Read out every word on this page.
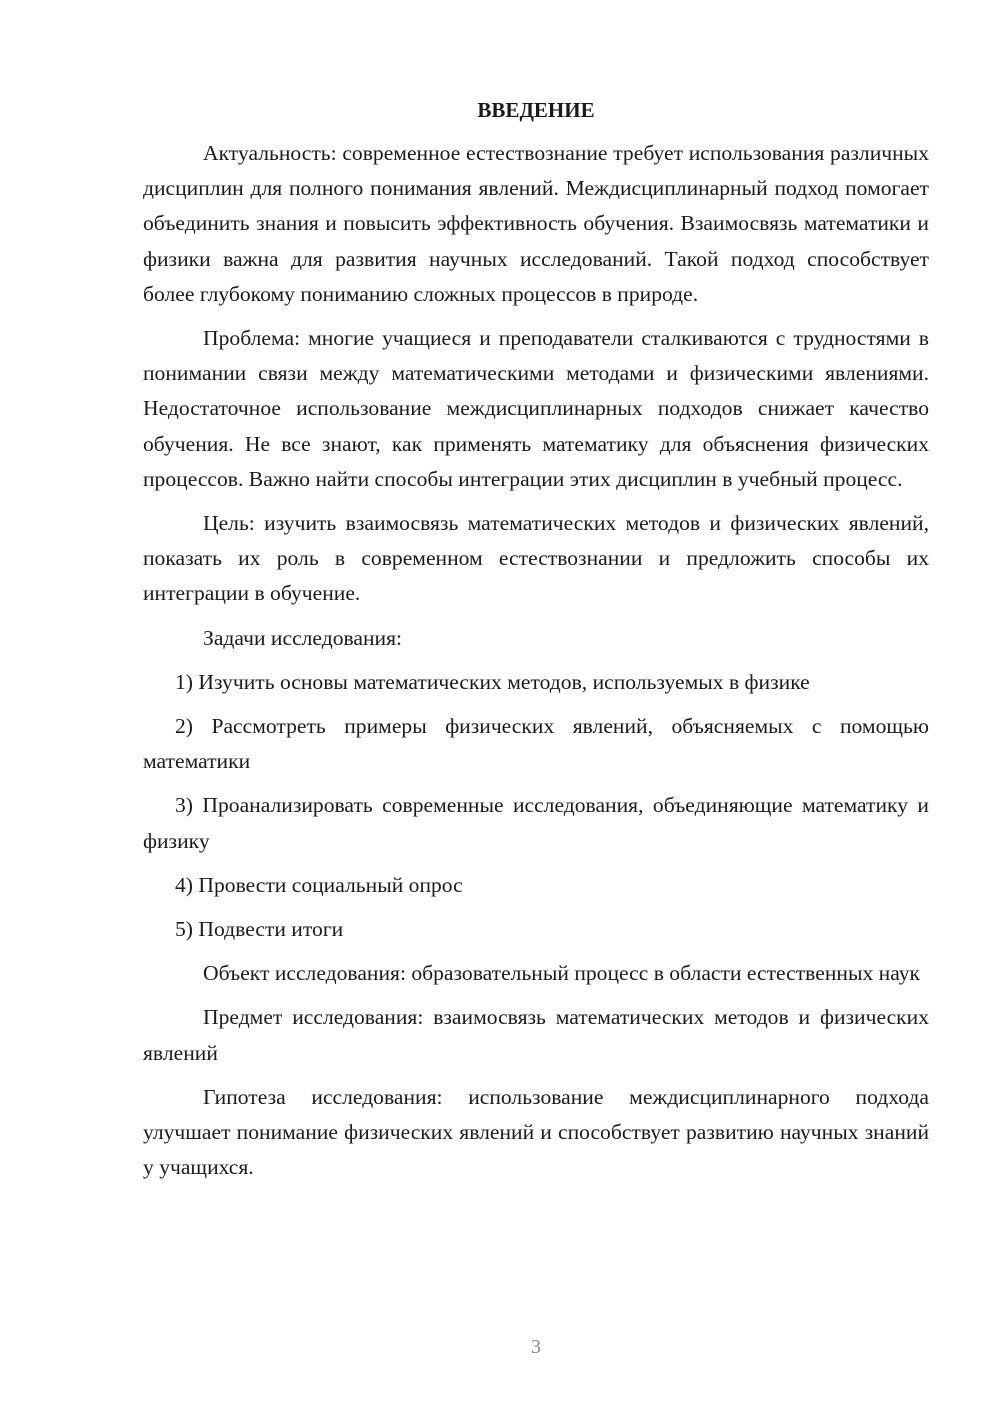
ВВЕДЕНИЕ

Актуальность: современное естествознание требует использования различных дисциплин для полного понимания явлений. Междисциплинарный подход помогает объединить знания и повысить эффективность обучения. Взаимосвязь математики и физики важна для развития научных исследований. Такой подход способствует более глубокому пониманию сложных процессов в природе.

Проблема: многие учащиеся и преподаватели сталкиваются с трудностями в понимании связи между математическими методами и физическими явлениями. Недостаточное использование междисциплинарных подходов снижает качество обучения. Не все знают, как применять математику для объяснения физических процессов. Важно найти способы интеграции этих дисциплин в учебный процесс.

Цель: изучить взаимосвязь математических методов и физических явлений, показать их роль в современном естествознании и предложить способы их интеграции в обучение.

Задачи исследования:

1) Изучить основы математических методов, используемых в физике

2) Рассмотреть примеры физических явлений, объясняемых с помощью математики

3) Проанализировать современные исследования, объединяющие математику и физику

4) Провести социальный опрос

5) Подвести итоги

Объект исследования: образовательный процесс в области естественных наук

Предмет исследования: взаимосвязь математических методов и физических явлений

Гипотеза исследования: использование междисциплинарного подхода улучшает понимание физических явлений и способствует развитию научных знаний у учащихся.

3
